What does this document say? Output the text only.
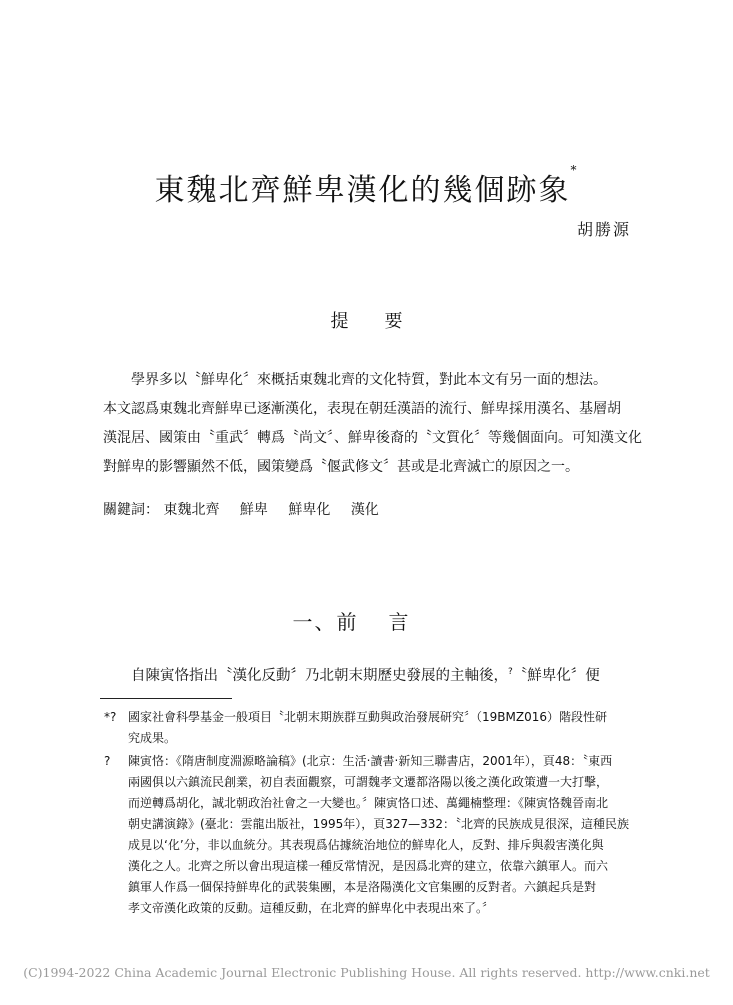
東魏北齊鮮卑漢化的幾個跡象*
胡勝源
提要
學界多以〝鮮卑化〞來概括東魏北齊的文化特質，對此本文有另一面的想法。
本文認爲東魏北齊鮮卑已逐漸漢化，表現在朝廷漢語的流行、鮮卑採用漢名、基層胡
漢混居、國策由〝重武〞轉爲〝尚文〞、鮮卑後裔的〝文質化〞等幾個面向。可知漢文化
對鮮卑的影響顯然不低，國策變爲〝偃武修文〞甚或是北齊滅亡的原因之一。
關鍵詞： 東魏北齊 鮮卑 鮮卑化 漢化
一、前言
自陳寅恪指出〝漢化反動〞乃北朝末期歷史發展的主軸後，?〝鮮卑化〞便
*? 國家社會科學基金一般項目〝北朝末期族群互動與政治發展研究〞（19BMZ016）階段性研
究成果。
? 陳寅恪：《隋唐制度淵源略論稿》(北京：生活‧讀書‧新知三聯書店，2001年），頁48：〝東西
兩國俱以六鎮流民創業，初自表面觀察，可謂魏孝文遷都洛陽以後之漢化政策遭一大打擊，
而逆轉爲胡化，誠北朝政治社會之一大變也。〞陳寅恪口述、萬繩楠整理：《陳寅恪魏晉南北
朝史講演錄》(臺北：雲龍出版社，1995年），頁327—332：〝北齊的民族成見很深，這種民族
成見以‘化’分，非以血統分。其表現爲佔據統治地位的鮮卑化人，反對、排斥與殺害漢化與
漢化之人。北齊之所以會出現這樣一種反常情況，是因爲北齊的建立，依靠六鎮軍人。而六
鎮軍人作爲一個保持鮮卑化的武裝集團，本是洛陽漢化文官集團的反對者。六鎮起兵是對
孝文帝漢化政策的反動。這種反動，在北齊的鮮卑化中表現出來了。〞
(C)1994-2022 China Academic Journal Electronic Publishing House. All rights reserved. http://www.cnki.net
